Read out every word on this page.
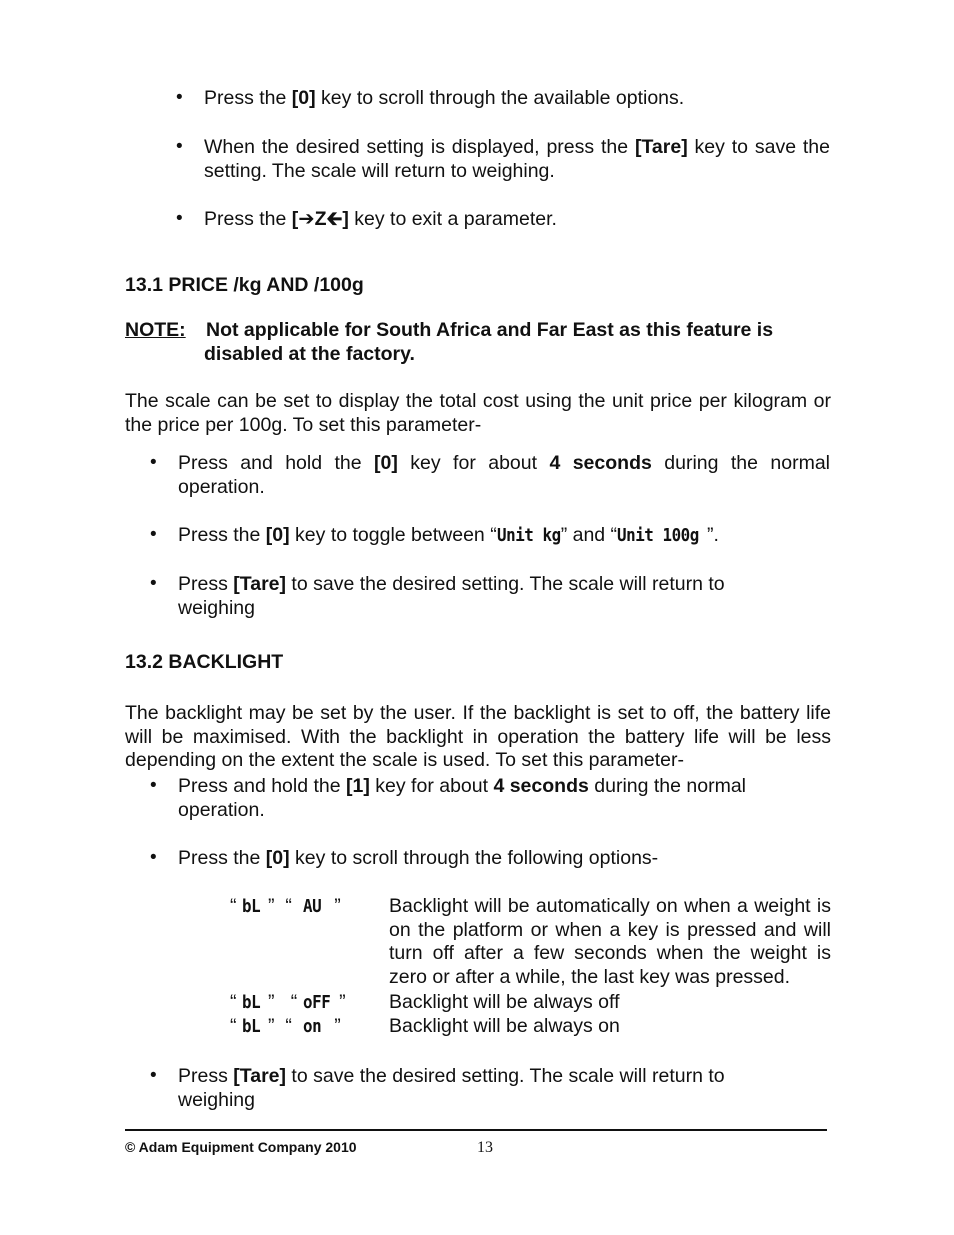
• Press the [0] key to scroll through the available options.
• When the desired setting is displayed, press the [Tare] key to save the setting. The scale will return to weighing.
• Press the [➔Z🡰] key to exit a parameter.
13.1 PRICE /kg AND /100g
NOTE: Not applicable for South Africa and Far East as this feature is
disabled at the factory.
The scale can be set to display the total cost using the unit price per kilogram or the price per 100g. To set this parameter-
• Press and hold the [0] key for about 4 seconds during the normal operation.
• Press the [0] key to toggle between “Unit kg” and “Unit 100g ”.
• Press [Tare] to save the desired setting. The scale will return to weighing
13.2 BACKLIGHT
The backlight may be set by the user. If the backlight is set to off, the battery life will be maximised. With the backlight in operation the battery life will be less depending on the extent the scale is used. To set this parameter-
• Press and hold the [1] key for about 4 seconds during the normal operation.
• Press the [0] key to scroll through the following options-
“ bL ”  “  AU  ” Backlight will be automatically on when a weight is on the platform or when a key is pressed and will turn off after a few seconds when the weight is zero or after a while, the last key was pressed.
“ bL ”   “ oFF ” Backlight will be always off
“ bL ”  “  on  ” Backlight will be always on
• Press [Tare] to save the desired setting. The scale will return to weighing
© Adam Equipment Company 2010	13
